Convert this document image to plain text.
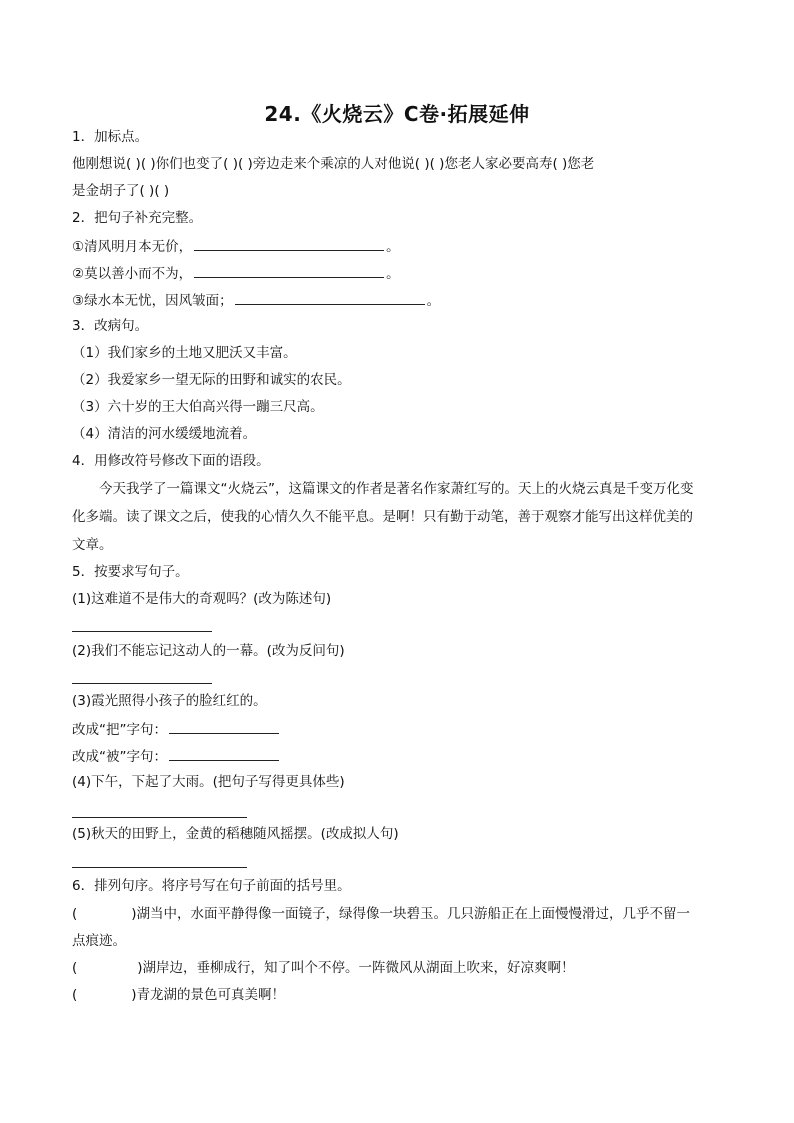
24.《火烧云》C卷·拓展延伸
1．加标点。
他刚想说( )( )你们也变了( )( )旁边走来个乘凉的人对他说( )( )您老人家必要高寿( )您老
是金胡子了( )( )
2．把句子补充完整。
①清风明月本无价，	。
②莫以善小而不为，	。
③绿水本无忧，因风皱面；	。
3．改病句。
（1）我们家乡的土地又肥沃又丰富。
（2）我爱家乡一望无际的田野和诚实的农民。
（3）六十岁的王大伯高兴得一蹦三尺高。
（4）清洁的河水缓缓地流着。
4．用修改符号修改下面的语段。
今天我学了一篇课文“火烧云”，这篇课文的作者是著名作家萧红写的。天上的火烧云真是千变万化变
化多端。读了课文之后，使我的心情久久不能平息。是啊！只有勤于动笔，善于观察才能写出这样优美的
文章。
5．按要求写句子。
(1)这难道不是伟大的奇观吗？(改为陈述句)
(2)我们不能忘记这动人的一幕。(改为反问句)
(3)霞光照得小孩子的脸红红的。
改成“把”字句：
改成“被”字句：
(4)下午，下起了大雨。(把句子写得更具体些)
(5)秋天的田野上，金黄的稻穗随风摇摆。(改成拟人句)
6．排列句序。将序号写在句子前面的括号里。
(	)湖当中，水面平静得像一面镜子，绿得像一块碧玉。几只游船正在上面慢慢滑过，几乎不留一
点痕迹。
(	)湖岸边，垂柳成行，知了叫个不停。一阵微风从湖面上吹来，好凉爽啊！
(	)青龙湖的景色可真美啊！
